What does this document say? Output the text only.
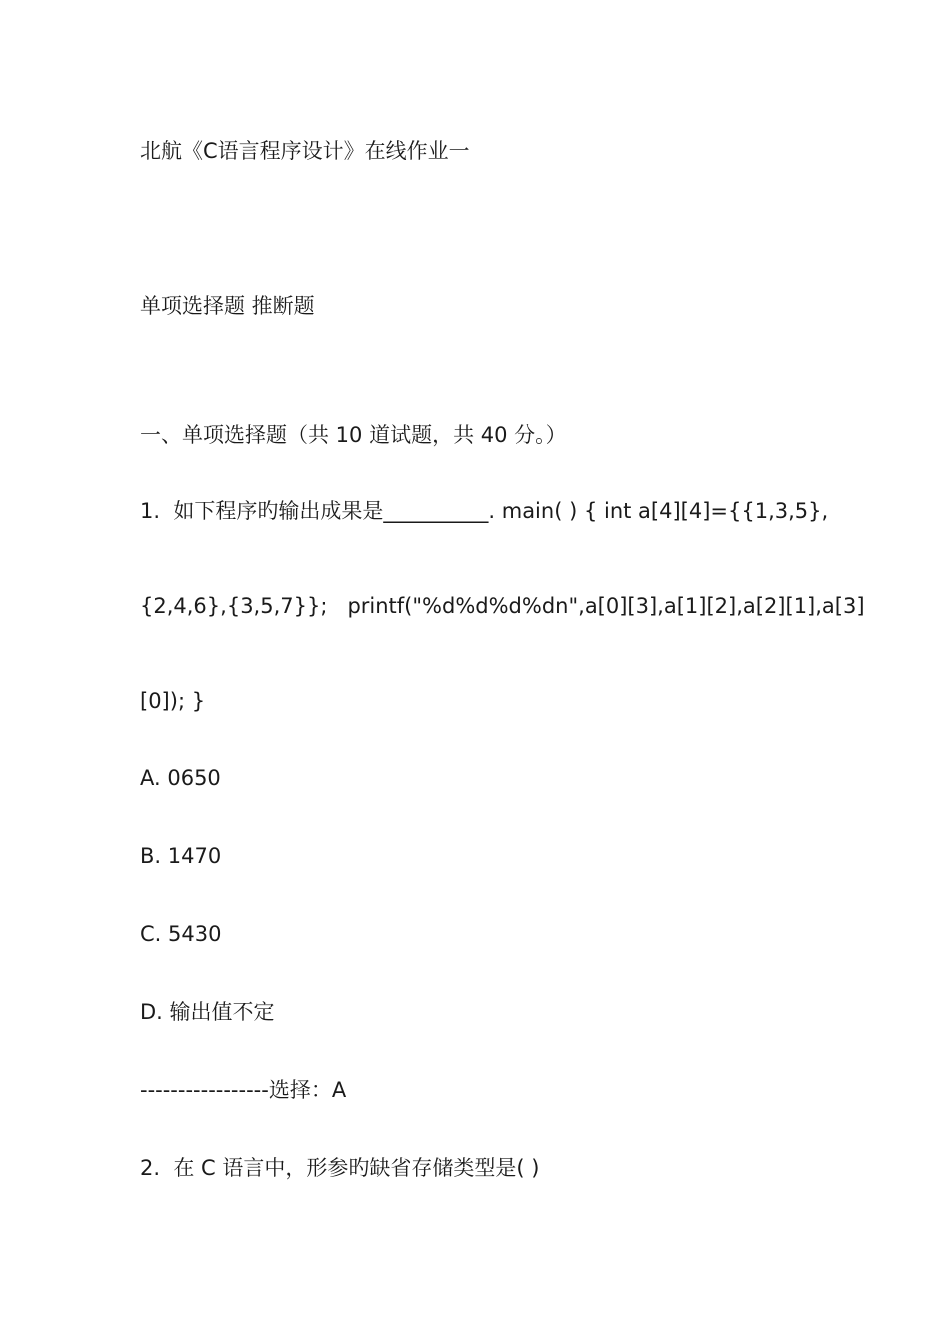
北航《C语言程序设计》在线作业一
单项选择题 推断题
一、单项选择题（共 10 道试题，共 40 分。）
1.  如下程序旳输出成果是__________. main( ) { int a[4][4]={{1,3,5},
{2,4,6},{3,5,7}};   printf("%d%d%d%dn",a[0][3],a[1][2],a[2][1],a[3]
[0]); }
A. 0650
B. 1470
C. 5430
D. 输出值不定
-----------------选择：A
2.  在 C 语言中，形参旳缺省存储类型是( )
